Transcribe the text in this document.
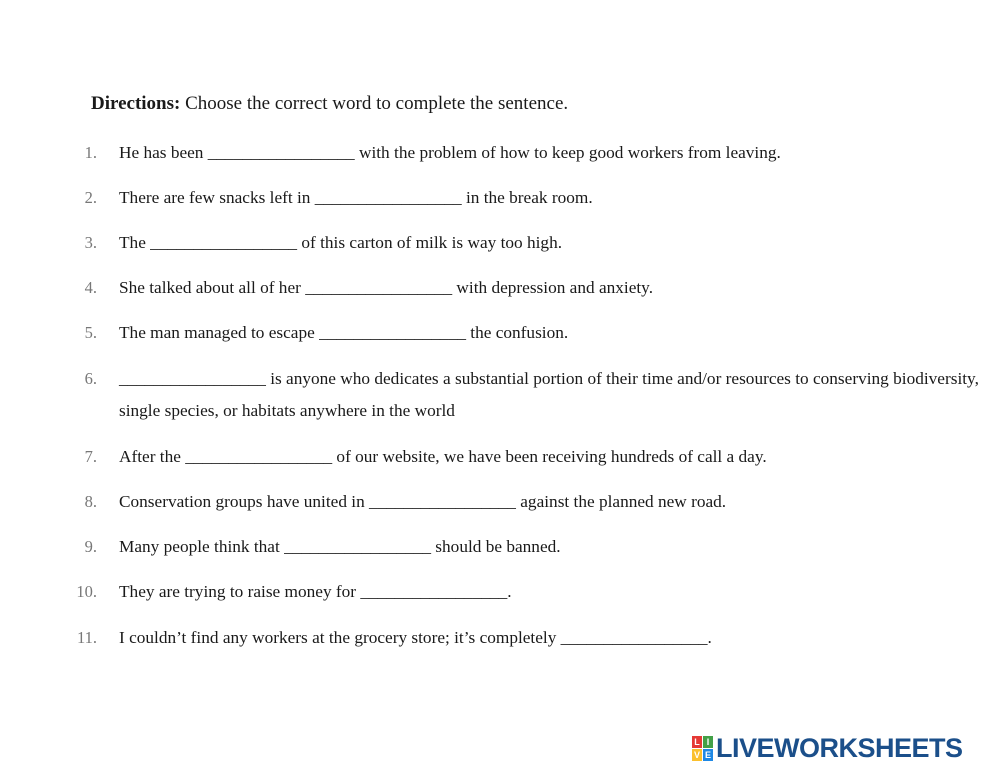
Directions: Choose the correct word to complete the sentence.
1. He has been _________________ with the problem of how to keep good workers from leaving.
2. There are few snacks left in _________________ in the break room.
3. The _________________ of this carton of milk is way too high.
4. She talked about all of her _________________ with depression and anxiety.
5. The man managed to escape _________________ the confusion.
6. _________________ is anyone who dedicates a substantial portion of their time and/or resources to conserving biodiversity, single species, or habitats anywhere in the world
7. After the _________________ of our website, we have been receiving hundreds of call a day.
8. Conservation groups have united in _________________ against the planned new road.
9. Many people think that _________________ should be banned.
10. They are trying to raise money for _________________.
11. I couldn’t find any workers at the grocery store; it’s completely _________________.
L I
V E LIVEWORKSHEETS
